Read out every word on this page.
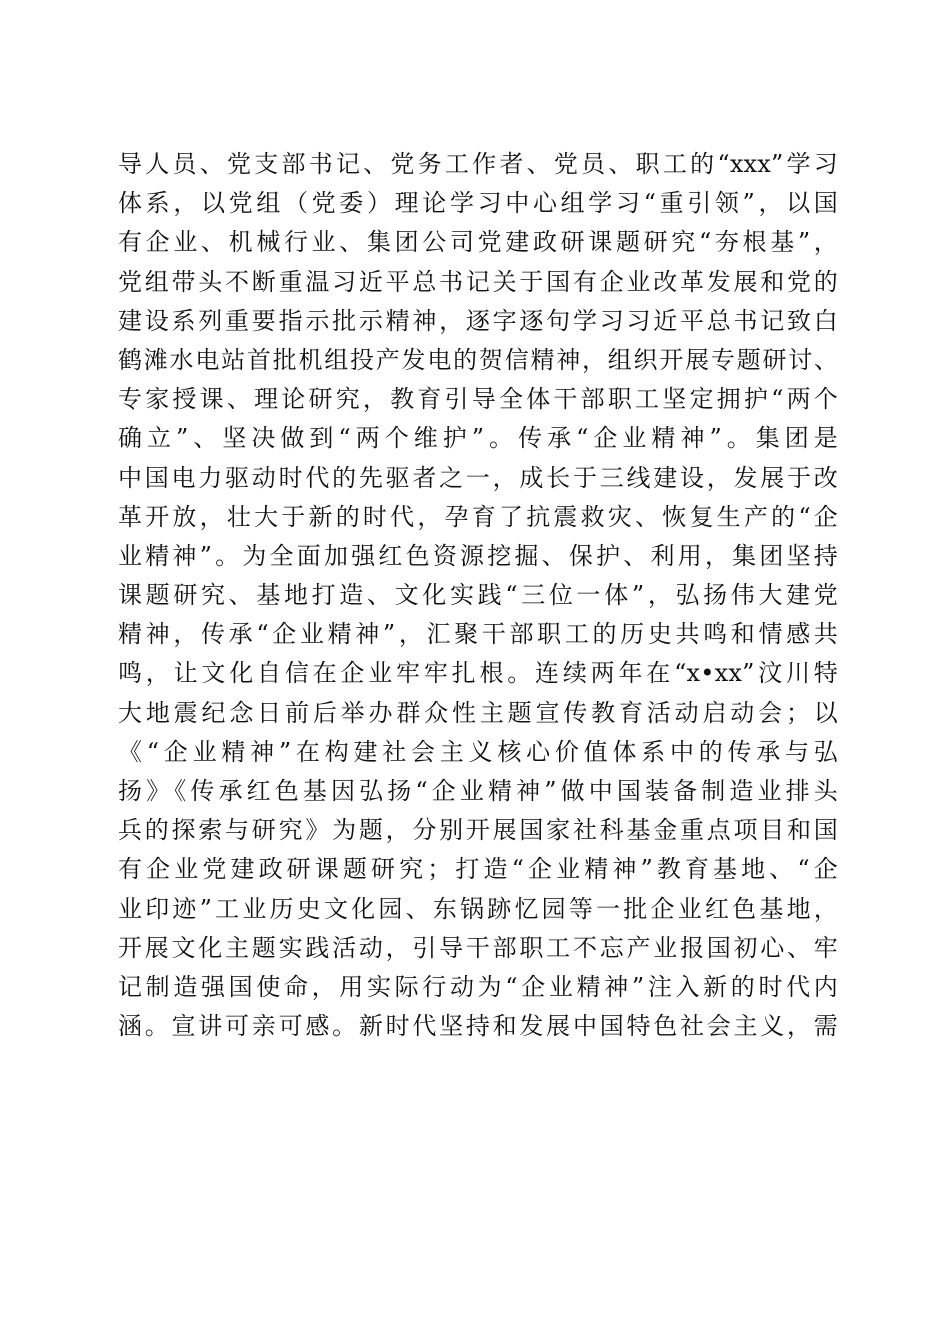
导人员、党支部书记、党务工作者、党员、职工的“xxx”学习
体系，以党组（党委）理论学习中心组学习“重引领”，以国
有企业、机械行业、集团公司党建政研课题研究“夯根基”，
党组带头不断重温习近平总书记关于国有企业改革发展和党的
建设系列重要指示批示精神，逐字逐句学习习近平总书记致白
鹤滩水电站首批机组投产发电的贺信精神，组织开展专题研讨、
专家授课、理论研究，教育引导全体干部职工坚定拥护“两个
确立”、坚决做到“两个维护”。传承“企业精神”。集团是
中国电力驱动时代的先驱者之一，成长于三线建设，发展于改
革开放，壮大于新的时代，孕育了抗震救灾、恢复生产的“企
业精神”。为全面加强红色资源挖掘、保护、利用，集团坚持
课题研究、基地打造、文化实践“三位一体”，弘扬伟大建党
精神，传承“企业精神”，汇聚干部职工的历史共鸣和情感共
鸣，让文化自信在企业牢牢扎根。连续两年在“x•xx”汶川特
大地震纪念日前后举办群众性主题宣传教育活动启动会；以
《“企业精神”在构建社会主义核心价值体系中的传承与弘
扬》《传承红色基因弘扬“企业精神”做中国装备制造业排头
兵的探索与研究》为题，分别开展国家社科基金重点项目和国
有企业党建政研课题研究；打造“企业精神”教育基地、“企
业印迹”工业历史文化园、东锅跡忆园等一批企业红色基地，
开展文化主题实践活动，引导干部职工不忘产业报国初心、牢
记制造强国使命，用实际行动为“企业精神”注入新的时代内
涵。宣讲可亲可感。新时代坚持和发展中国特色社会主义，需
